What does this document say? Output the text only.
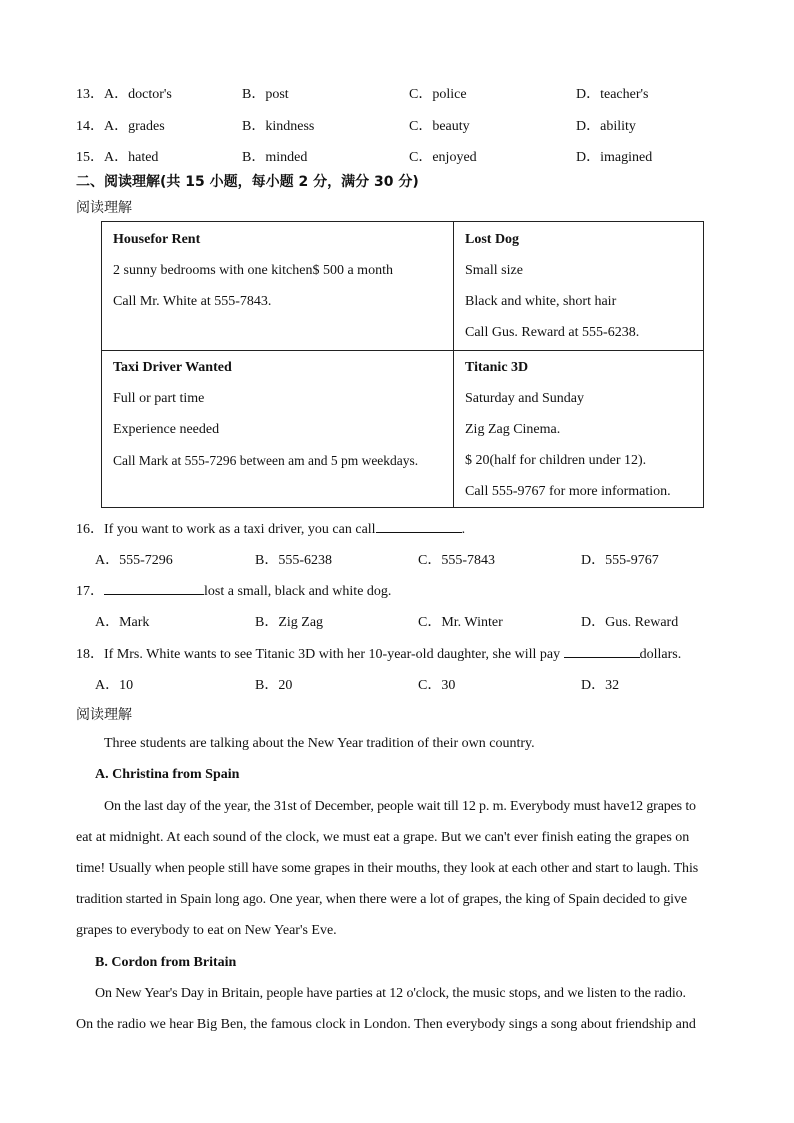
13． A．doctor's	B．post	C．police	D．teacher's
14． A．grades	B．kindness	C．beauty	D．ability
15． A．hated	B．minded	C．enjoyed	D．imagined
二、阅读理解(共 15 小题，每小题 2 分，满分 30 分)
阅读理解
Housefor Rent
2 sunny bedrooms with one kitchen$ 500 a month
Call Mr. White at 555-7843.
Lost Dog
Small size
Black and white, short hair
Call Gus. Reward at 555-6238.
Taxi Driver Wanted
Full or part time
Experience needed
Call Mark at 555-7296 between am and 5 pm weekdays.
Titanic 3D
Saturday and Sunday
Zig Zag Cinema.
$ 20(half for children under 12).
Call 555-9767 for more information.
16．If you want to work as a taxi driver, you can call	.
A．555-7296	B．555-6238	C．555-7843	D．555-9767
17．	lost a small, black and white dog.
A．Mark	B．Zig Zag	C．Mr. Winter	D．Gus. Reward
18．If Mrs. White wants to see Titanic 3D with her 10-year-old daughter, she will pay	dollars.
A．10	B．20	C．30	D．32
阅读理解
Three students are talking about the New Year tradition of their own country.
A. Christina from Spain
On the last day of the year, the 31st of December, people wait till 12 p. m. Everybody must have12 grapes to
eat at midnight. At each sound of the clock, we must eat a grape. But we can't ever finish eating the grapes on
time! Usually when people still have some grapes in their mouths, they look at each other and start to laugh. This
tradition started in Spain long ago. One year, when there were a lot of grapes, the king of Spain decided to give
grapes to everybody to eat on New Year's Eve.
B. Cordon from Britain
On New Year's Day in Britain, people have parties at 12 o'clock, the music stops, and we listen to the radio.
On the radio we hear Big Ben, the famous clock in London. Then everybody sings a song about friendship and
